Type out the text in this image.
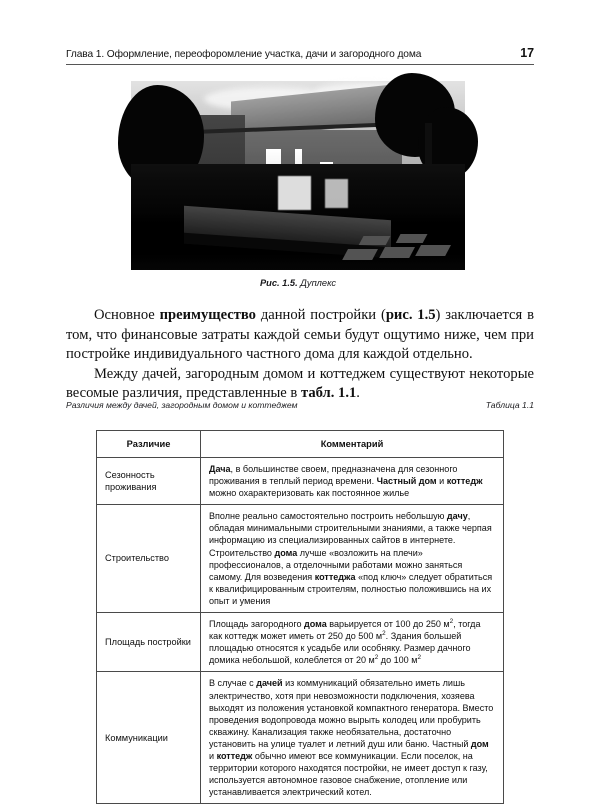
Глава 1. Оформление, переофоромление участка, дачи и загородного дома	17
Рис. 1.5. Дуплекс

Основное преимущество данной постройки (рис. 1.5) заключается в том, что финансовые затраты каждой семьи будут ощутимо ниже, чем при постройке индивидуального частного дома для каждой отдельно.

Между дачей, загородным домом и коттеджем существуют некоторые весомые различия, представленные в табл. 1.1.

Различия между дачей, загородным домом и коттеджем	Таблица 1.1
Различие	Комментарий
Сезонность проживания	Дача, в большинстве своем, предназначена для сезонного проживания в теплый период времени. Частный дом и коттедж можно охарактеризовать как постоянное жилье
Строительство	Вполне реально самостоятельно построить небольшую дачу, обладая минимальными строительными знаниями, а также черпая информацию из специализированных сайтов в интернете. Строительство дома лучше «возложить на плечи» профессионалов, а отделочными работами можно заняться самому. Для возведения коттеджа «под ключ» следует обратиться к квалифицированным строителям, полностью положившись на их опыт и умения
Площадь постройки	Площадь загородного дома варьируется от 100 до 250 $м^2$, тогда как коттедж может иметь от 250 до 500 $м^2$. Здания большей площадью относятся к усадьбе или особняку. Размер дачного домика небольшой, колеблется от 20 $м^2$ до 100 $м^2$
Коммуникации	В случае с дачей из коммуникаций обязательно иметь лишь электричество, хотя при невозможности подключения, хозяева выходят из положения установкой компактного генератора. Вместо проведения водопровода можно вырыть колодец или пробурить скважину. Канализация также необязательна, достаточно установить на улице туалет и летний душ или баню. Частный дом и коттедж обычно имеют все коммуникации. Если поселок, на территории которого находятся постройки, не имеет доступ к газу, используется автономное газовое снабжение, отопление или устанавливается электрический котел.
